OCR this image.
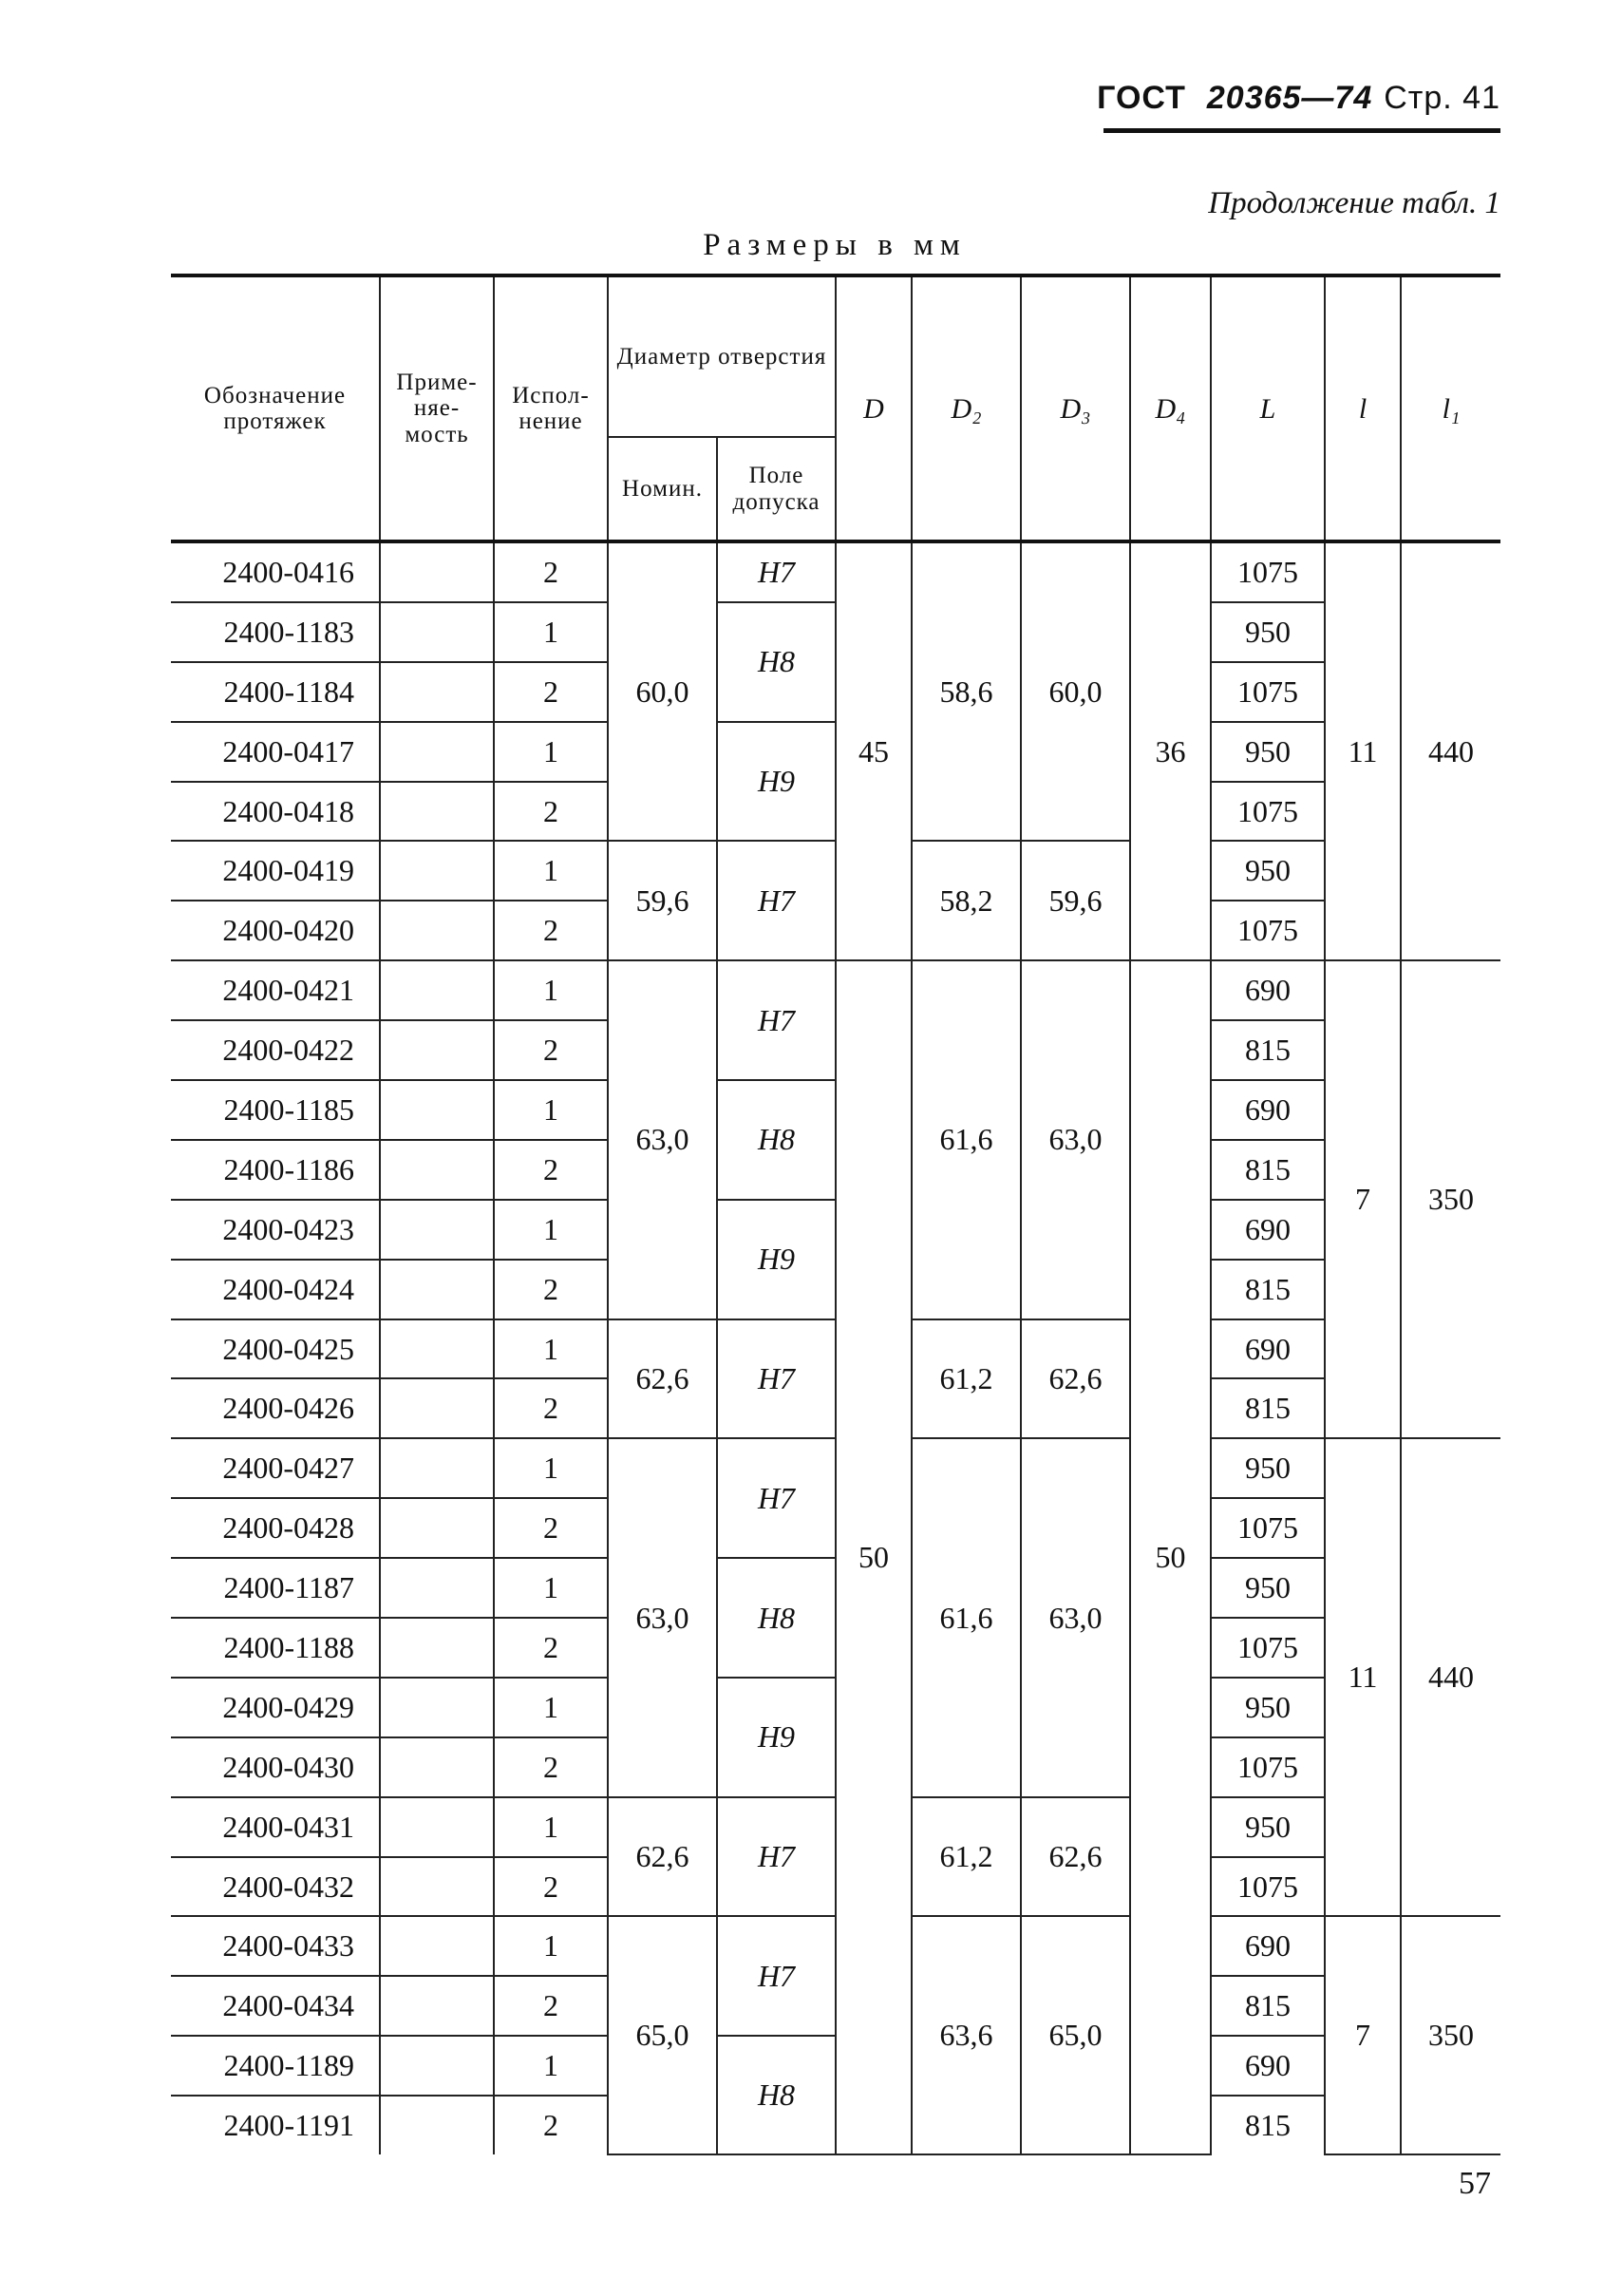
ГОСТ 20365—74 Стр. 41
Продолжение табл. 1
Размеры в мм
Обозначение протяжек	Приме- няе- мость	Испол- нение	Диаметр отверстия		D	D₂	D₃	D₄	L	l	l₁
			Номин.	Поле допуска							
2400-0416		2	60,0	H7	45	58,6	60,0	36	1075	11	440
2400-1183		1		H8					950		
2400-1184		2							1075		
2400-0417		1		H9					950		
2400-0418		2							1075		
2400-0419		1	59,6	H7		58,2	59,6		950		
2400-0420		2							1075		
2400-0421		1	63,0	H7	50	61,6	63,0	50	690	7	350
2400-0422		2							815		
2400-1185		1		H8					690		
2400-1186		2							815		
2400-0423		1		H9					690		
2400-0424		2							815		
2400-0425		1	62,6	H7		61,2	62,6		690		
2400-0426		2							815		
2400-0427		1	63,0	H7		61,6	63,0		950	11	440
2400-0428		2							1075		
2400-1187		1		H8					950		
2400-1188		2							1075		
2400-0429		1		H9					950		
2400-0430		2							1075		
2400-0431		1	62,6	H7		61,2	62,6		950		
2400-0432		2							1075		
2400-0433		1	65,0	H7		63,6	65,0		690	7	350
2400-0434		2							815		
2400-1189		1		H8					690		
2400-1191		2							815		
57
